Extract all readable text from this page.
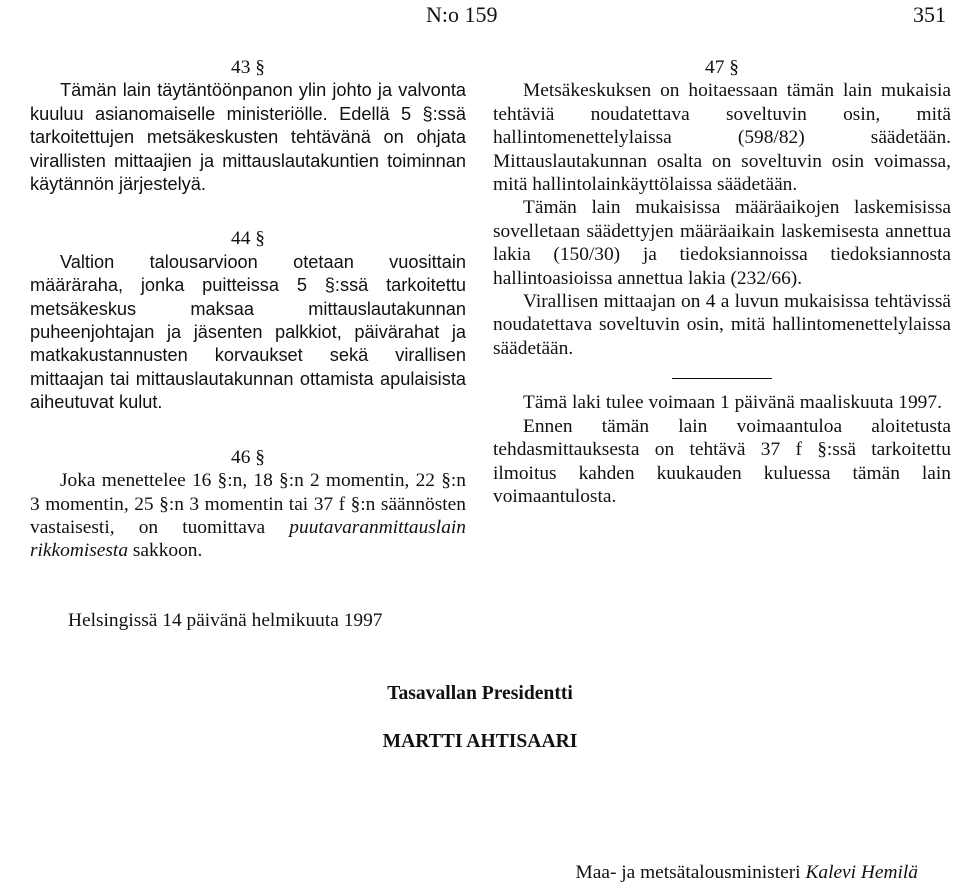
N:o 159	351
43 §

Tämän lain täytäntöönpanon ylin johto ja valvonta kuuluu asianomaiselle ministeriölle. Edellä 5 §:ssä tarkoitettujen metsäkeskusten tehtävänä on ohjata virallisten mittaajien ja mittauslautakuntien toiminnan käytännön järjestelyä.

44 §

Valtion talousarvioon otetaan vuosittain määräraha, jonka puitteissa 5 §:ssä tarkoitettu metsäkeskus maksaa mittauslautakunnan puheenjohtajan ja jäsenten palkkiot, päivärahat ja matkakustannusten korvaukset sekä virallisen mittaajan tai mittauslautakunnan ottamista apulaisista aiheutuvat kulut.

46 §

Joka menettelee 16 §:n, 18 §:n 2 momentin, 22 §:n 3 momentin, 25 §:n 3 momentin tai 37 f §:n säännösten vastaisesti, on tuomittava puutavaranmittauslain rikkomisesta sakkoon.

47 §

Metsäkeskuksen on hoitaessaan tämän lain mukaisia tehtäviä noudatettava soveltuvin osin, mitä hallintomenettelylaissa (598/82) säädetään. Mittauslautakunnan osalta on soveltuvin osin voimassa, mitä hallintolainkäyttölaissa säädetään.

Tämän lain mukaisissa määräaikojen laskemisissa sovelletaan säädettyjen määräaikain laskemisesta annettua lakia (150/30) ja tiedoksiannoissa tiedoksiannosta hallintoasioissa annettua lakia (232/66).

Virallisen mittaajan on 4 a luvun mukaisissa tehtävissä noudatettava soveltuvin osin, mitä hallintomenettelylaissa säädetään.

Tämä laki tulee voimaan 1 päivänä maaliskuuta 1997.

Ennen tämän lain voimaantuloa aloitetusta tehdasmittauksesta on tehtävä 37 f §:ssä tarkoitettu ilmoitus kahden kuukauden kuluessa tämän lain voimaantulosta.

Helsingissä 14 päivänä helmikuuta 1997
Tasavallan Presidentti
MARTTI AHTISAARI
Maa- ja metsätalousministeri Kalevi Hemilä
